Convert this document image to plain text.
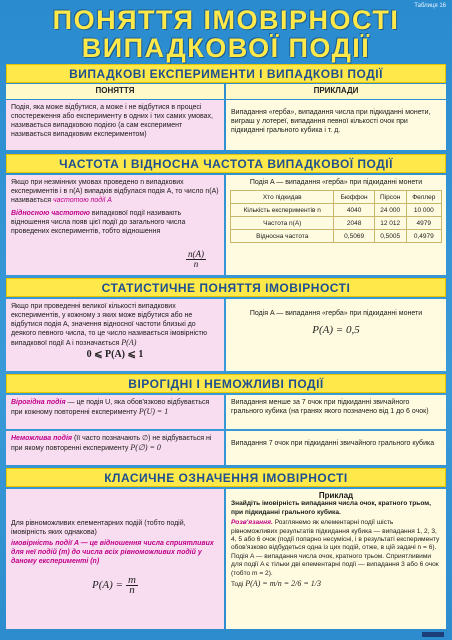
Таблиця 16
ПОНЯТТЯ ІМОВІРНОСТІ
ВИПАДКОВОЇ ПОДІЇ
ВИПАДКОВІ ЕКСПЕРИМЕНТИ І ВИПАДКОВІ ПОДІЇ
ПОНЯТТЯ	ПРИКЛАДИ
Подія, яка може відбутися, а може і не відбутися в процесі спостереження або експерименту в одних і тих самих умовах, називається випадковою подією (а сам експеримент називається випадковим експериментом)
Випадання «герба», випадання числа при підкиданні монети, виграш у лотереї, випадання певної кількості очок при підкиданні грального кубика і т. д.
ЧАСТОТА І ВІДНОСНА ЧАСТОТА ВИПАДКОВОЇ ПОДІЇ
Якщо при незмінних умовах проведено n випадкових експериментів і в n(A) випадків відбулася подія A, то число n(A) називається частотою події A
Відносною частотою випадкової події називають відношення числа появ цієї події до загального числа проведених експериментів, тобто відношення
n(A)
n
Подія A — випадання «герба» при підкиданні монети
Хто підкидав	Бюффон	Пірсон	Феллер
Кількість експериментів n	4040	24 000	10 000
Частота n(A)	2048	12 012	4979
Відносна частота	0,5069	0,5005	0,4979
СТАТИСТИЧНЕ ПОНЯТТЯ ІМОВІРНОСТІ
Якщо при проведенні великої кількості випадкових експериментів, у кожному з яких може відбутися або не відбутися подія A, значення відносної частоти близькі до деякого певного числа, то це число називається імовірністю випадкової події A і позначається P(A)
0 ⩽ P(A) ⩽ 1
Подія A — випадання «герба» при підкиданні монети
P(A) = 0,5
ВІРОГІДНІ І НЕМОЖЛИВІ ПОДІЇ
Вірогідна подія — це подія U, яка обов'язково відбувається при кожному повторенні експерименту P(U) = 1
Випадання менше за 7 очок при підкиданні звичайного грального кубика (на гранях якого позначено від 1 до 6 очок)
Неможлива подія (її часто позначають ∅) не відбувається ні при якому повторенні експерименту P(∅) = 0	Випадання 7 очок при підкиданні звичайного грального кубика
КЛАСИЧНЕ ОЗНАЧЕННЯ ІМОВІРНОСТІ
Для рівноможливих елементарних подій (тобто подій, імовірність яких однакова)
імовірність події A — це відношення числа сприятливих для неї подій (m) до числа всіх рівноможливих подій у даному експерименті (n)
$P(A) = \frac{m}{n}$
Приклад
Знайдіть імовірність випадання числа очок, кратного трьом, при підкиданні грального кубика.
Розв'язання. Розглянемо як елементарні події шість рівноможливих результатів підкидання кубика — випадання 1, 2, 3, 4, 5 або 6 очок (події попарно несумісні, і в результаті експерименту обов'язково відбудеться одна із цих подій, отже, в цій задачі n = 6).
Подія A — випадання числа очок, кратного трьом. Сприятливими для події A є тільки дві елементарні події — випадання 3 або 6 очок (тобто m = 2).
Тоді P(A) = m/n = 2/6 = 1/3
